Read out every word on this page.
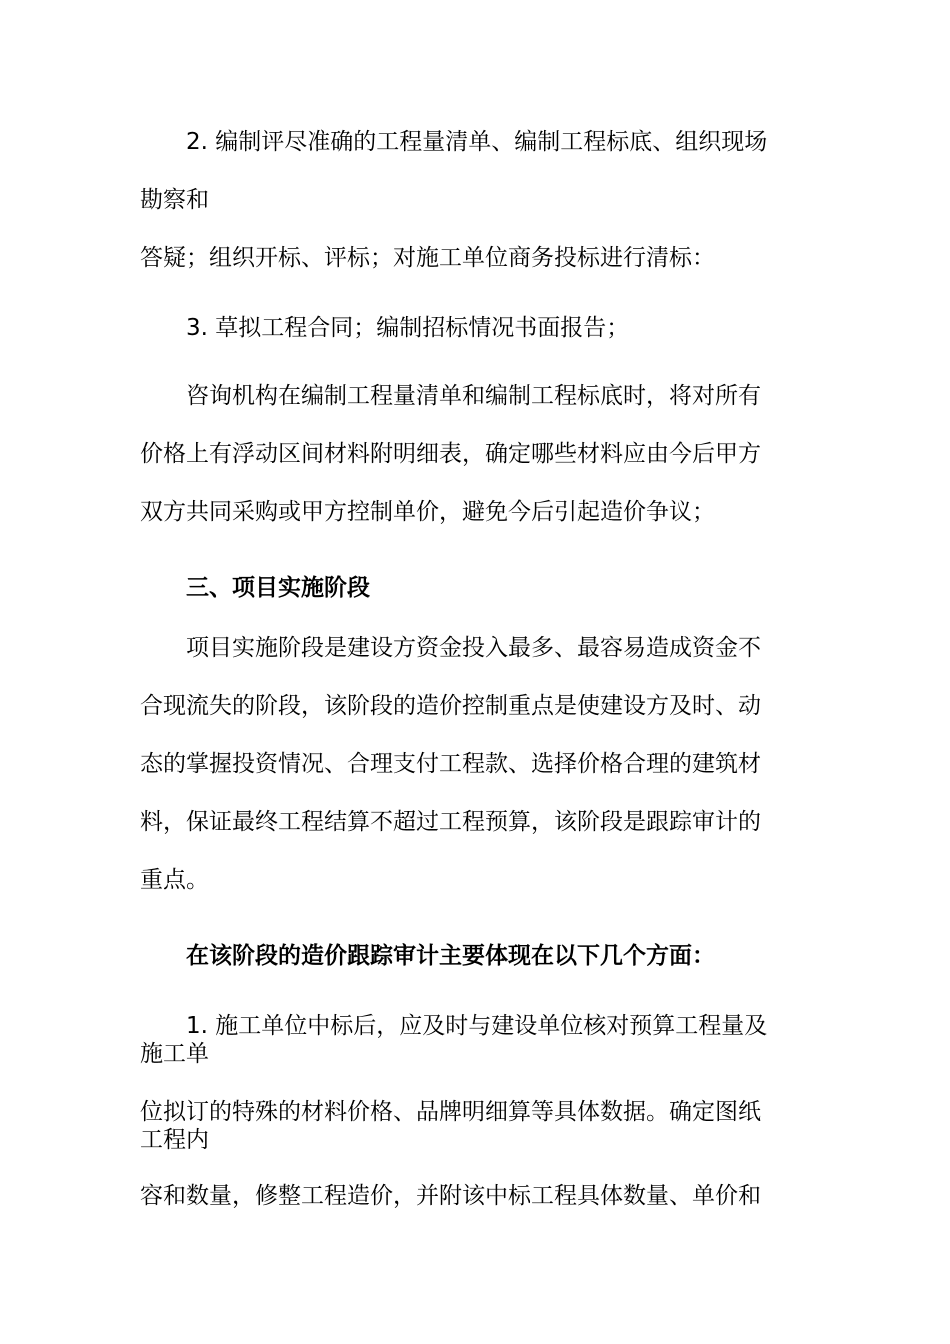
2. 编制评尽准确的工程量清单、编制工程标底、组织现场
勘察和
答疑；组织开标、评标；对施工单位商务投标进行清标：
3. 草拟工程合同；编制招标情况书面报告；
咨询机构在编制工程量清单和编制工程标底时，将对所有
价格上有浮动区间材料附明细表，确定哪些材料应由今后甲方
双方共同采购或甲方控制单价，避免今后引起造价争议；
三、项目实施阶段
项目实施阶段是建设方资金投入最多、最容易造成资金不
合现流失的阶段，该阶段的造价控制重点是使建设方及时、动
态的掌握投资情况、合理支付工程款、选择价格合理的建筑材
料，保证最终工程结算不超过工程预算，该阶段是跟踪审计的
重点。
在该阶段的造价跟踪审计主要体现在以下几个方面：
1. 施工单位中标后，应及时与建设单位核对预算工程量及
施工单
位拟订的特殊的材料价格、品牌明细算等具体数据。确定图纸
工程内
容和数量，修整工程造价，并附该中标工程具体数量、单价和
